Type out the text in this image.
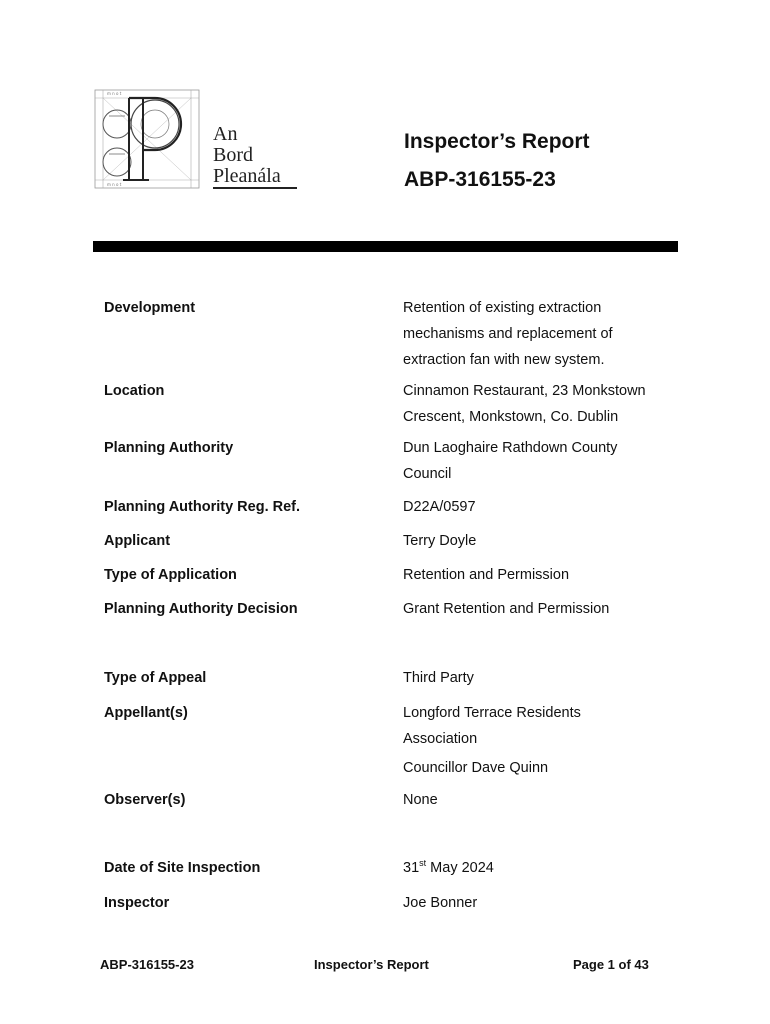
m n o t
m n o t
An
Bord
Pleanála
Inspector’s Report
ABP-316155-23
Development	Retention of existing extraction
mechanisms and replacement of
extraction fan with new system.
Location	Cinnamon Restaurant, 23 Monkstown
Crescent, Monkstown, Co. Dublin
Planning Authority	Dun Laoghaire Rathdown County
Council
Planning Authority Reg. Ref.	D22A/0597
Applicant	Terry Doyle
Type of Application	Retention and Permission
Planning Authority Decision	Grant Retention and Permission
Type of Appeal	Third Party
Appellant(s)	Longford Terrace Residents
Association
Councillor Dave Quinn
Observer(s)	None
Date of Site Inspection	31st May 2024
Inspector	Joe Bonner
ABP-316155-23	Inspector’s Report	Page 1 of 43
